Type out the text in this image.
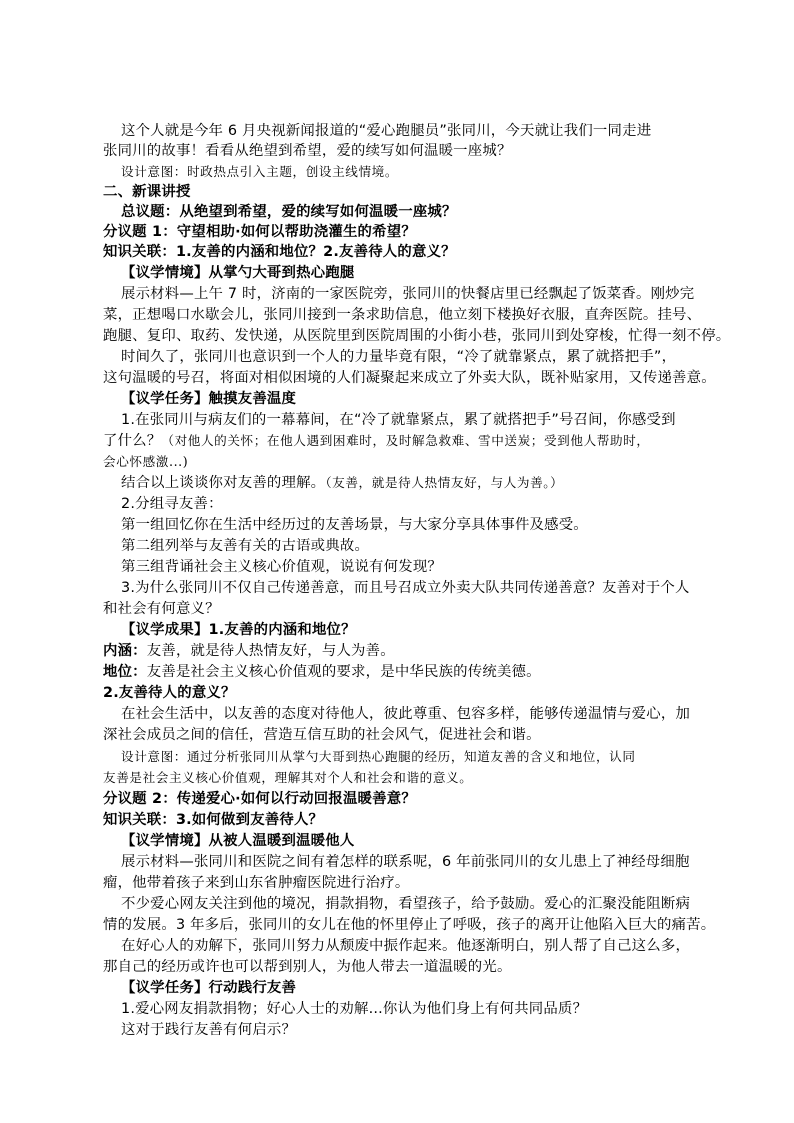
这个人就是今年 6 月央视新闻报道的“爱心跑腿员”张同川，今天就让我们一同走进
张同川的故事！看看从绝望到希望，爱的续写如何温暖一座城？
设计意图：时政热点引入主题，创设主线情境。
二、新课讲授
总议题：从绝望到希望，爱的续写如何温暖一座城？
分议题 1：守望相助·如何以帮助浇灌生的希望？
知识关联：1.友善的内涵和地位？2.友善待人的意义？
【议学情境】从掌勺大哥到热心跑腿
展示材料—上午 7 时，济南的一家医院旁，张同川的快餐店里已经飘起了饭菜香。刚炒完
菜，正想喝口水歇会儿，张同川接到一条求助信息，他立刻下楼换好衣服，直奔医院。挂号、
跑腿、复印、取药、发快递，从医院里到医院周围的小街小巷，张同川到处穿梭，忙得一刻不停。
时间久了，张同川也意识到一个人的力量毕竟有限，“冷了就靠紧点，累了就搭把手”，
这句温暖的号召，将面对相似困境的人们凝聚起来成立了外卖大队，既补贴家用，又传递善意。
【议学任务】触摸友善温度
1.在张同川与病友们的一幕幕间，在“冷了就靠紧点，累了就搭把手”号召间，你感受到
了什么？（对他人的关怀；在他人遇到困难时，及时解急救难、雪中送炭；受到他人帮助时，
会心怀感激...)
结合以上谈谈你对友善的理解。（友善，就是待人热情友好，与人为善。）
2.分组寻友善：
第一组回忆你在生活中经历过的友善场景，与大家分享具体事件及感受。
第二组列举与友善有关的古语或典故。
第三组背诵社会主义核心价值观，说说有何发现？
3.为什么张同川不仅自己传递善意，而且号召成立外卖大队共同传递善意？友善对于个人
和社会有何意义？
【议学成果】1.友善的内涵和地位？
内涵：友善，就是待人热情友好，与人为善。
地位：友善是社会主义核心价值观的要求，是中华民族的传统美德。
2.友善待人的意义？
在社会生活中，以友善的态度对待他人，彼此尊重、包容多样，能够传递温情与爱心，加
深社会成员之间的信任，营造互信互助的社会风气，促进社会和谐。
设计意图：通过分析张同川从掌勺大哥到热心跑腿的经历，知道友善的含义和地位，认同
友善是社会主义核心价值观，理解其对个人和社会和谐的意义。
分议题 2：传递爱心·如何以行动回报温暖善意？
知识关联：3.如何做到友善待人？
【议学情境】从被人温暖到温暖他人
展示材料—张同川和医院之间有着怎样的联系呢，6 年前张同川的女儿患上了神经母细胞
瘤，他带着孩子来到山东省肿瘤医院进行治疗。
不少爱心网友关注到他的境况，捐款捐物，看望孩子，给予鼓励。爱心的汇聚没能阻断病
情的发展。3 年多后，张同川的女儿在他的怀里停止了呼吸，孩子的离开让他陷入巨大的痛苦。
在好心人的劝解下，张同川努力从颓废中振作起来。他逐渐明白，别人帮了自己这么多，
那自己的经历或许也可以帮到别人，为他人带去一道温暖的光。
【议学任务】行动践行友善
1.爱心网友捐款捐物；好心人士的劝解...你认为他们身上有何共同品质？
这对于践行友善有何启示？
